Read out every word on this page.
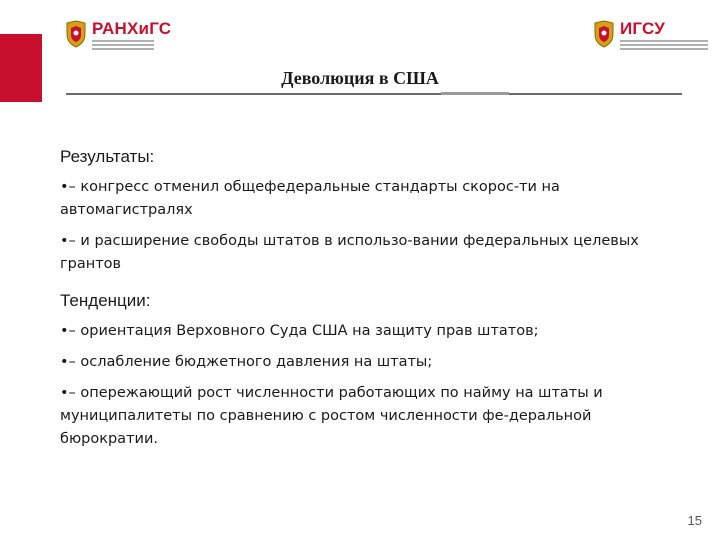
РАНХиГС	ИГСУ
Деволюция в США
Результаты:

•– конгресс отменил общефедеральные стандарты скорос-ти на автомагистралях

•– и расширение свободы штатов в использо-вании федеральных целевых грантов

Тенденции:

•– ориентация Верховного Суда США на защиту прав штатов;

•– ослабление бюджетного давления на штаты;

•– опережающий рост численности работающих по найму на штаты и муниципалитеты по сравнению с ростом численности фе-деральной бюрократии.

15
